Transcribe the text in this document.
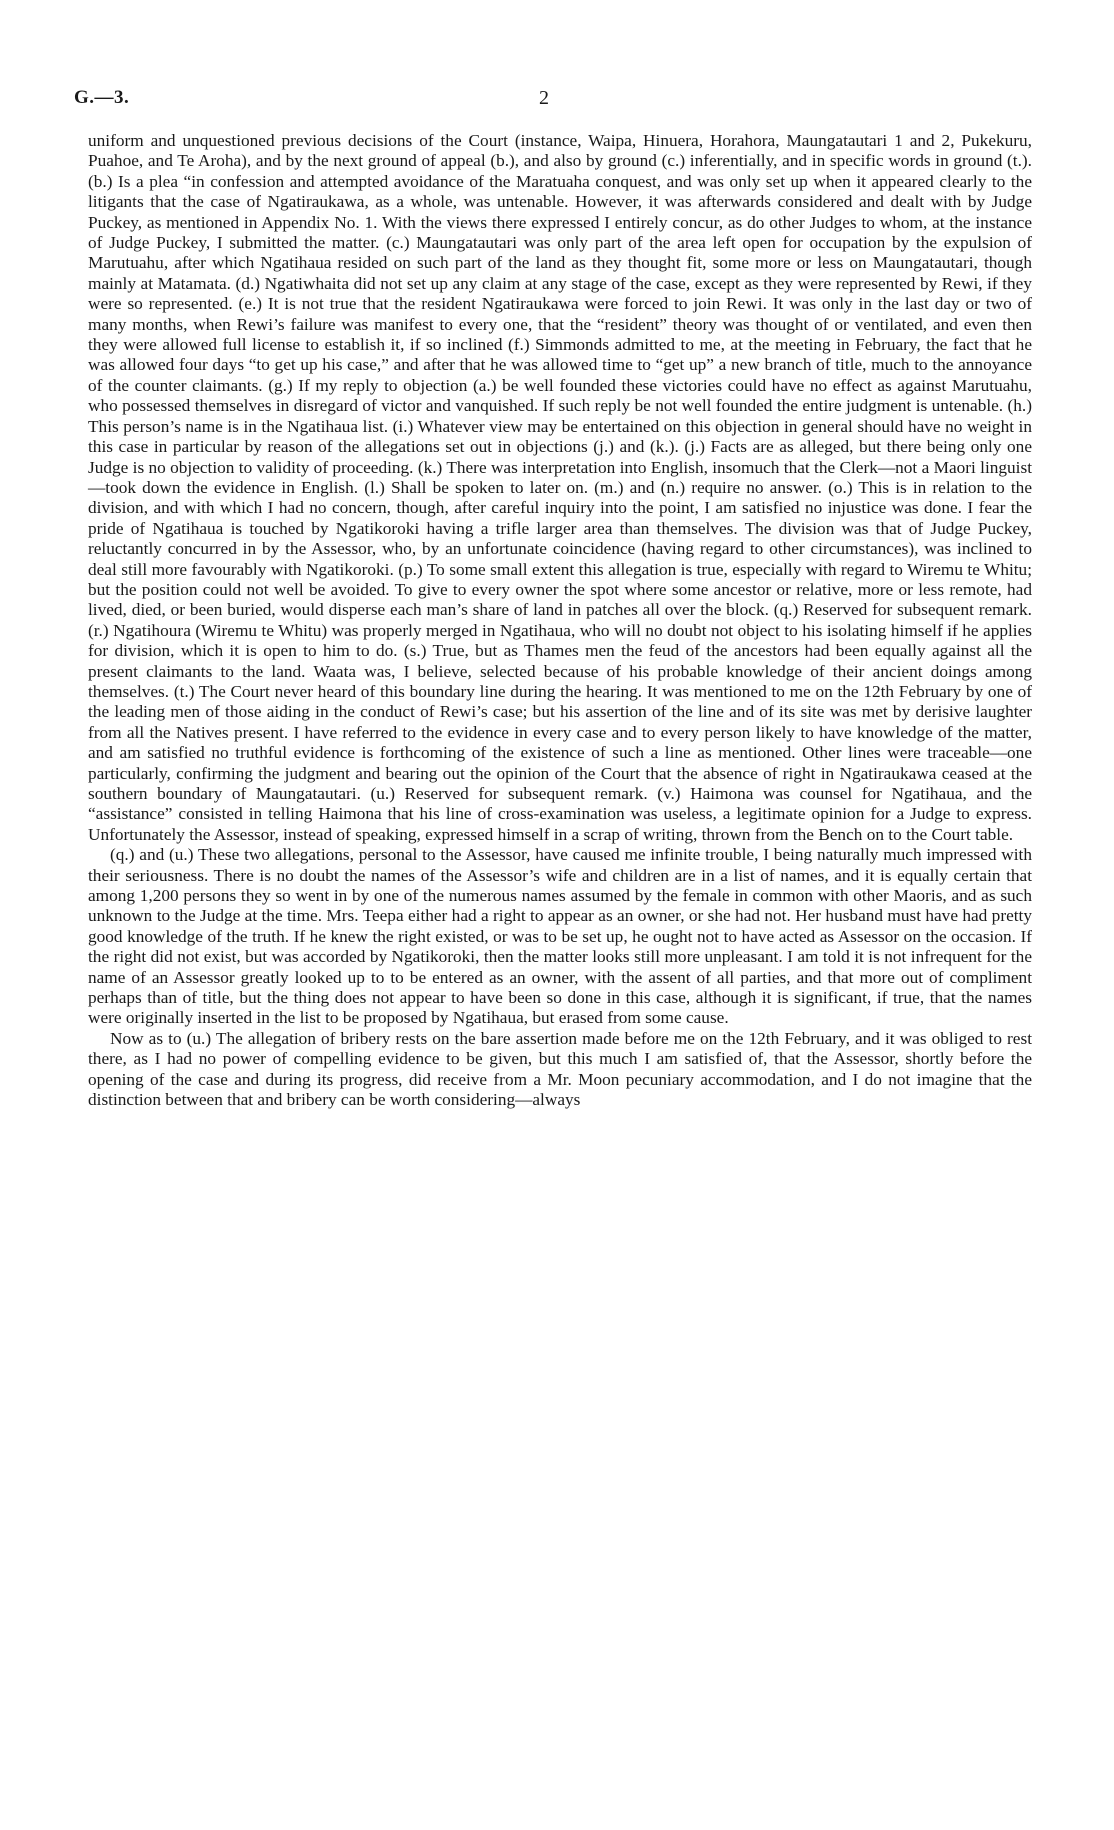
G.—3.	2

uniform and unquestioned previous decisions of the Court (instance, Waipa, Hinuera, Horahora, Maungatautari 1 and 2, Pukekuru, Puahoe, and Te Aroha), and by the next ground of appeal (b.), and also by ground (c.) inferentially, and in specific words in ground (t.). (b.) Is a plea “in confession and attempted avoidance of the Maratuaha conquest, and was only set up when it appeared clearly to the litigants that the case of Ngatiraukawa, as a whole, was untenable. However, it was afterwards considered and dealt with by Judge Puckey, as mentioned in Appendix No. 1. With the views there expressed I entirely concur, as do other Judges to whom, at the instance of Judge Puckey, I submitted the matter. (c.) Maungatautari was only part of the area left open for occupation by the expulsion of Marutuahu, after which Ngatihaua resided on such part of the land as they thought fit, some more or less on Maungatautari, though mainly at Matamata. (d.) Ngatiwhaita did not set up any claim at any stage of the case, except as they were represented by Rewi, if they were so represented. (e.) It is not true that the resident Ngatiraukawa were forced to join Rewi. It was only in the last day or two of many months, when Rewi’s failure was manifest to every one, that the “resident” theory was thought of or ventilated, and even then they were allowed full license to establish it, if so inclined (f.) Simmonds admitted to me, at the meeting in February, the fact that he was allowed four days “to get up his case,” and after that he was allowed time to “get up” a new branch of title, much to the annoyance of the counter claimants. (g.) If my reply to objection (a.) be well founded these victories could have no effect as against Marutuahu, who possessed themselves in disregard of victor and vanquished. If such reply be not well founded the entire judgment is untenable. (h.) This person’s name is in the Ngatihaua list. (i.) Whatever view may be entertained on this objection in general should have no weight in this case in particular by reason of the allegations set out in objections (j.) and (k.). (j.) Facts are as alleged, but there being only one Judge is no objection to validity of proceeding. (k.) There was interpretation into English, insomuch that the Clerk—not a Maori linguist—took down the evidence in English. (l.) Shall be spoken to later on. (m.) and (n.) require no answer. (o.) This is in relation to the division, and with which I had no concern, though, after careful inquiry into the point, I am satisfied no injustice was done. I fear the pride of Ngatihaua is touched by Ngatikoroki having a trifle larger area than themselves. The division was that of Judge Puckey, reluctantly concurred in by the Assessor, who, by an unfortunate coincidence (having regard to other circumstances), was inclined to deal still more favourably with Ngatikoroki. (p.) To some small extent this allegation is true, especially with regard to Wiremu te Whitu; but the position could not well be avoided. To give to every owner the spot where some ancestor or relative, more or less remote, had lived, died, or been buried, would disperse each man’s share of land in patches all over the block. (q.) Reserved for subsequent remark. (r.) Ngatihoura (Wiremu te Whitu) was properly merged in Ngatihaua, who will no doubt not object to his isolating himself if he applies for division, which it is open to him to do. (s.) True, but as Thames men the feud of the ancestors had been equally against all the present claimants to the land. Waata was, I believe, selected because of his probable knowledge of their ancient doings among themselves. (t.) The Court never heard of this boundary line during the hearing. It was mentioned to me on the 12th February by one of the leading men of those aiding in the conduct of Rewi’s case; but his assertion of the line and of its site was met by derisive laughter from all the Natives present. I have referred to the evidence in every case and to every person likely to have knowledge of the matter, and am satisfied no truthful evidence is forthcoming of the existence of such a line as mentioned. Other lines were traceable—one particularly, confirming the judgment and bearing out the opinion of the Court that the absence of right in Ngatiraukawa ceased at the southern boundary of Maungatautari. (u.) Reserved for subsequent remark. (v.) Haimona was counsel for Ngatihaua, and the “assistance” consisted in telling Haimona that his line of cross-examination was useless, a legitimate opinion for a Judge to express. Unfortunately the Assessor, instead of speaking, expressed himself in a scrap of writing, thrown from the Bench on to the Court table.

(q.) and (u.) These two allegations, personal to the Assessor, have caused me infinite trouble, I being naturally much impressed with their seriousness. There is no doubt the names of the Assessor’s wife and children are in a list of names, and it is equally certain that among 1,200 persons they so went in by one of the numerous names assumed by the female in common with other Maoris, and as such unknown to the Judge at the time. Mrs. Teepa either had a right to appear as an owner, or she had not. Her husband must have had pretty good knowledge of the truth. If he knew the right existed, or was to be set up, he ought not to have acted as Assessor on the occasion. If the right did not exist, but was accorded by Ngatikoroki, then the matter looks still more unpleasant. I am told it is not infrequent for the name of an Assessor greatly looked up to to be entered as an owner, with the assent of all parties, and that more out of compliment perhaps than of title, but the thing does not appear to have been so done in this case, although it is significant, if true, that the names were originally inserted in the list to be proposed by Ngatihaua, but erased from some cause.

Now as to (u.) The allegation of bribery rests on the bare assertion made before me on the 12th February, and it was obliged to rest there, as I had no power of compelling evidence to be given, but this much I am satisfied of, that the Assessor, shortly before the opening of the case and during its progress, did receive from a Mr. Moon pecuniary accommodation, and I do not imagine that the distinction between that and bribery can be worth considering—always
